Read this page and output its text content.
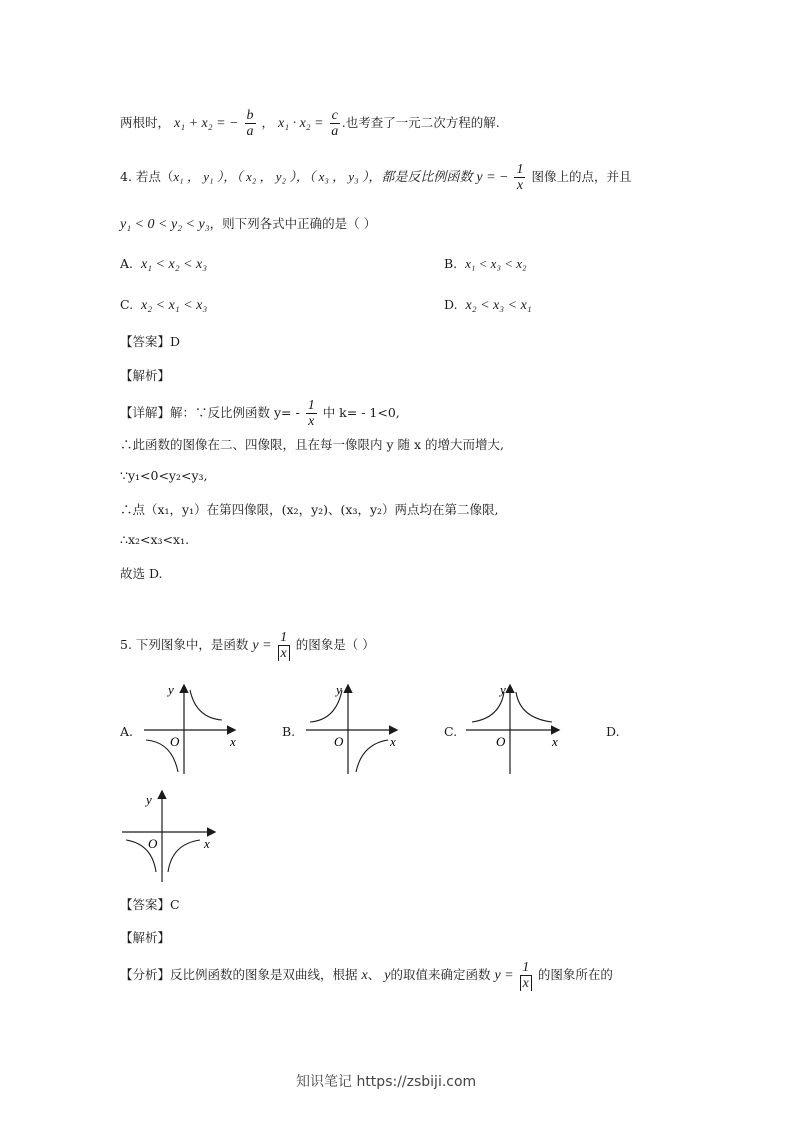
两根时， x₁ + x₂ = − $\frac{b}{a}$ ， $x_1 \cdot x_2 = \frac{c}{a}$ .也考查了一元二次方程的解.
4. 若点（x₁ ， y₁ ），（ x₂ ， y₂ ），（ x₃ ， y₃ ），都是反比例函数 y = − $\frac{1}{x}$ 图像上的点，并且
y₁ < 0 < y₂ < y₃，则下列各式中正确的是（ ）
A. x₁ < x₂ < x₃	B. x₁ < x₃ < x₂
C. x₂ < x₁ < x₃	D. x₂ < x₃ < x₁
【答案】D
【解析】
【详解】解：∵反比例函数 $y= - \frac{1}{x}$ 中 k= - 1<0,
∴此函数的图像在二、四像限，且在每一像限内 y 随 x 的增大而增大,
∵y₁<0<y₂<y₃,
∴点（x₁，y₁）在第四像限，(x₂，y₂)、(x₃，y₂）两点均在第二像限,
∴x₂<x₃<x₁.
故选 D.
5. 下列图象中，是函数 $y = \frac{1}{x}$ 的图象是（ ）
A.	B.	C.	D.
y
x
O
y
x
O
y
x
O
y
x
O
【答案】C
【解析】
【分析】反比例函数的图象是双曲线，根据 x、 y的取值来确定函数 $y = \frac{1}{x}$ 的图象所在的
知识笔记 https://zsbiji.com
